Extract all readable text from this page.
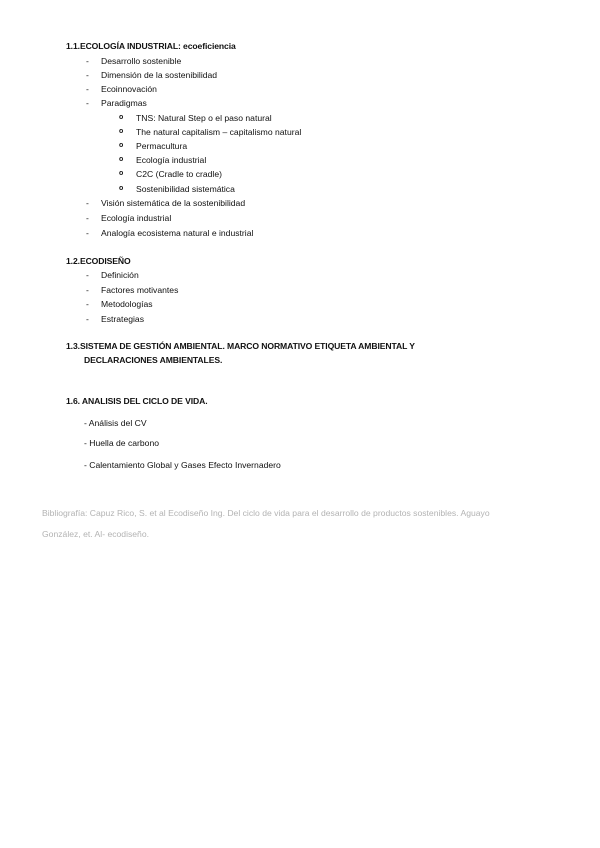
1.1.ECOLOGÍA INDUSTRIAL: ecoeficiencia
- Desarrollo sostenible
- Dimensión de la sostenibilidad
- Ecoinnovación
- Paradigmas
o TNS: Natural Step o el paso natural
o The natural capitalism – capitalismo natural
o Permacultura
o Ecología industrial
o C2C (Cradle to cradle)
o Sostenibilidad sistemática
- Visión sistemática de la sostenibilidad
- Ecología industrial
- Analogía ecosistema natural e industrial
1.2.ECODISEÑO
- Definición
- Factores motivantes
- Metodologías
- Estrategias
1.3.SISTEMA DE GESTIÓN AMBIENTAL. MARCO NORMATIVO ETIQUETA AMBIENTAL Y
DECLARACIONES AMBIENTALES.
1.6. ANALISIS DEL CICLO DE VIDA.
- Análisis del CV
- Huella de carbono
- Calentamiento Global y Gases Efecto Invernadero
Bibliografía: Capuz Rico, S. et al Ecodiseño Ing. Del ciclo de vida para el desarrollo de productos sostenibles. Aguayo
González, et. Al- ecodiseño.
